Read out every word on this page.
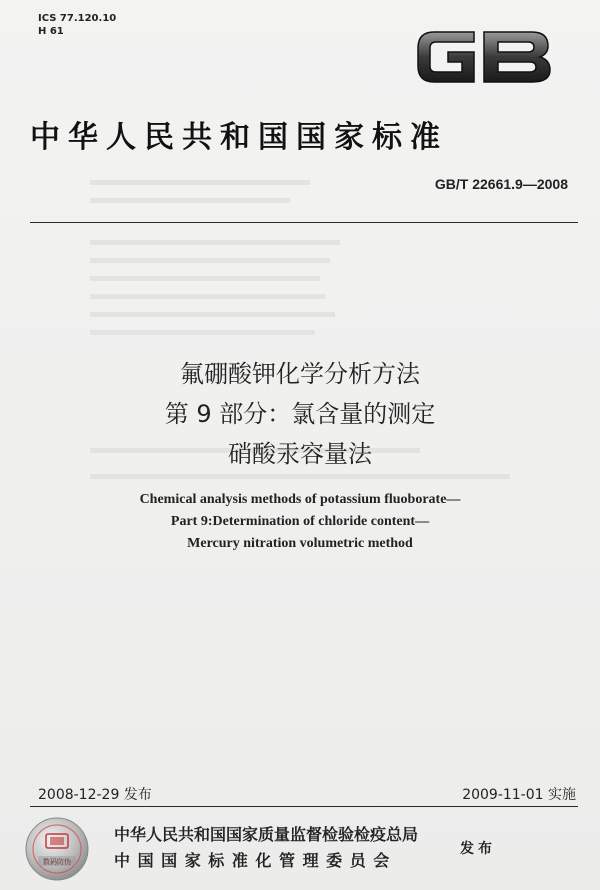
ICS 77.120.10
H 61
中华人民共和国国家标准
GB/T 22661.9—2008
氟硼酸钾化学分析方法
第 9 部分：氯含量的测定
硝酸汞容量法
Chemical analysis methods of potassium fluoborate—
Part 9:Determination of chloride content—
Mercury nitration volumetric method
2008-12-29 发布	2009-11-01 实施
数码防伪
中华人民共和国国家质量监督检验检疫总局
中 国 国 家 标 准 化 管 理 委 员 会
发布
